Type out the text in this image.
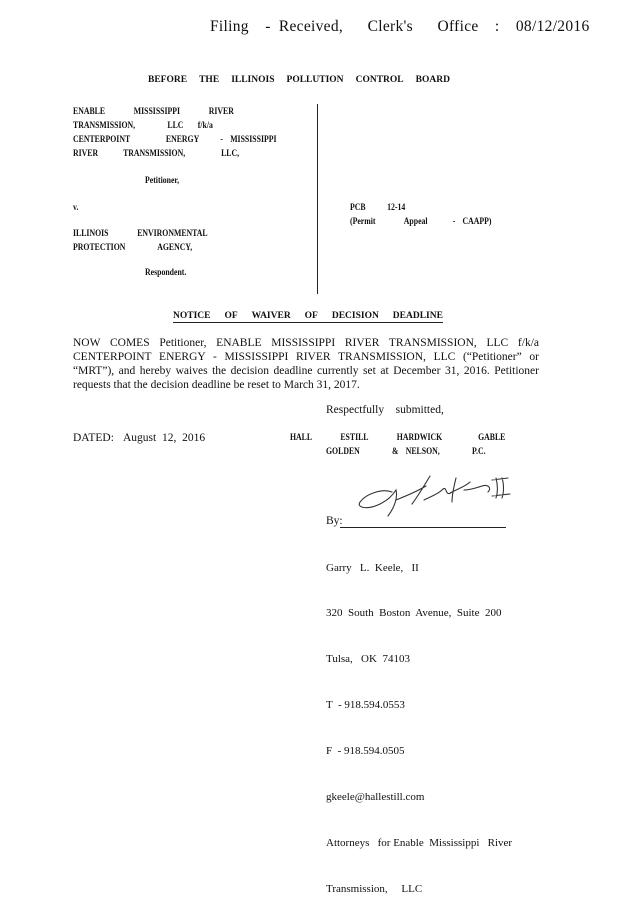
Filing  - Received,   Clerk's   Office  :  08/12/2016
BEFORE THE ILLINOIS POLLUTION CONTROL BOARD
ENABLE        MISSISSIPPI        RIVER
TRANSMISSION,         LLC    f/k/a
CENTERPOINT          ENERGY      -  MISSISSIPPI
RIVER       TRANSMISSION,          LLC,
Petitioner,
v.
ILLINOIS        ENVIRONMENTAL
PROTECTION         AGENCY,
Respondent.
PCB      12-14
(Permit        Appeal       -  CAAPP)
NOTICE OF WAIVER OF DECISION DEADLINE
NOW COMES Petitioner, ENABLE MISSISSIPPI RIVER TRANSMISSION, LLC f/k/a CENTERPOINT ENERGY - MISSISSIPPI RIVER TRANSMISSION, LLC (“Petitioner” or “MRT”), and hereby waives the decision deadline currently set at December 31, 2016. Petitioner requests that the decision deadline be reset to March 31, 2017.
Respectfully    submitted,
DATED: August  12,  2016	HALL        ESTILL        HARDWICK          GABLE
GOLDEN         &  NELSON,         P.C.
By:

Garry   L.  Keele,   II

320  South  Boston  Avenue,  Suite  200

Tulsa,   OK  74103

T  - 918.594.0553

F  - 918.594.0505

gkeele@hallestill.com

Attorneys   for Enable  Mississippi   River

Transmission,     LLC
